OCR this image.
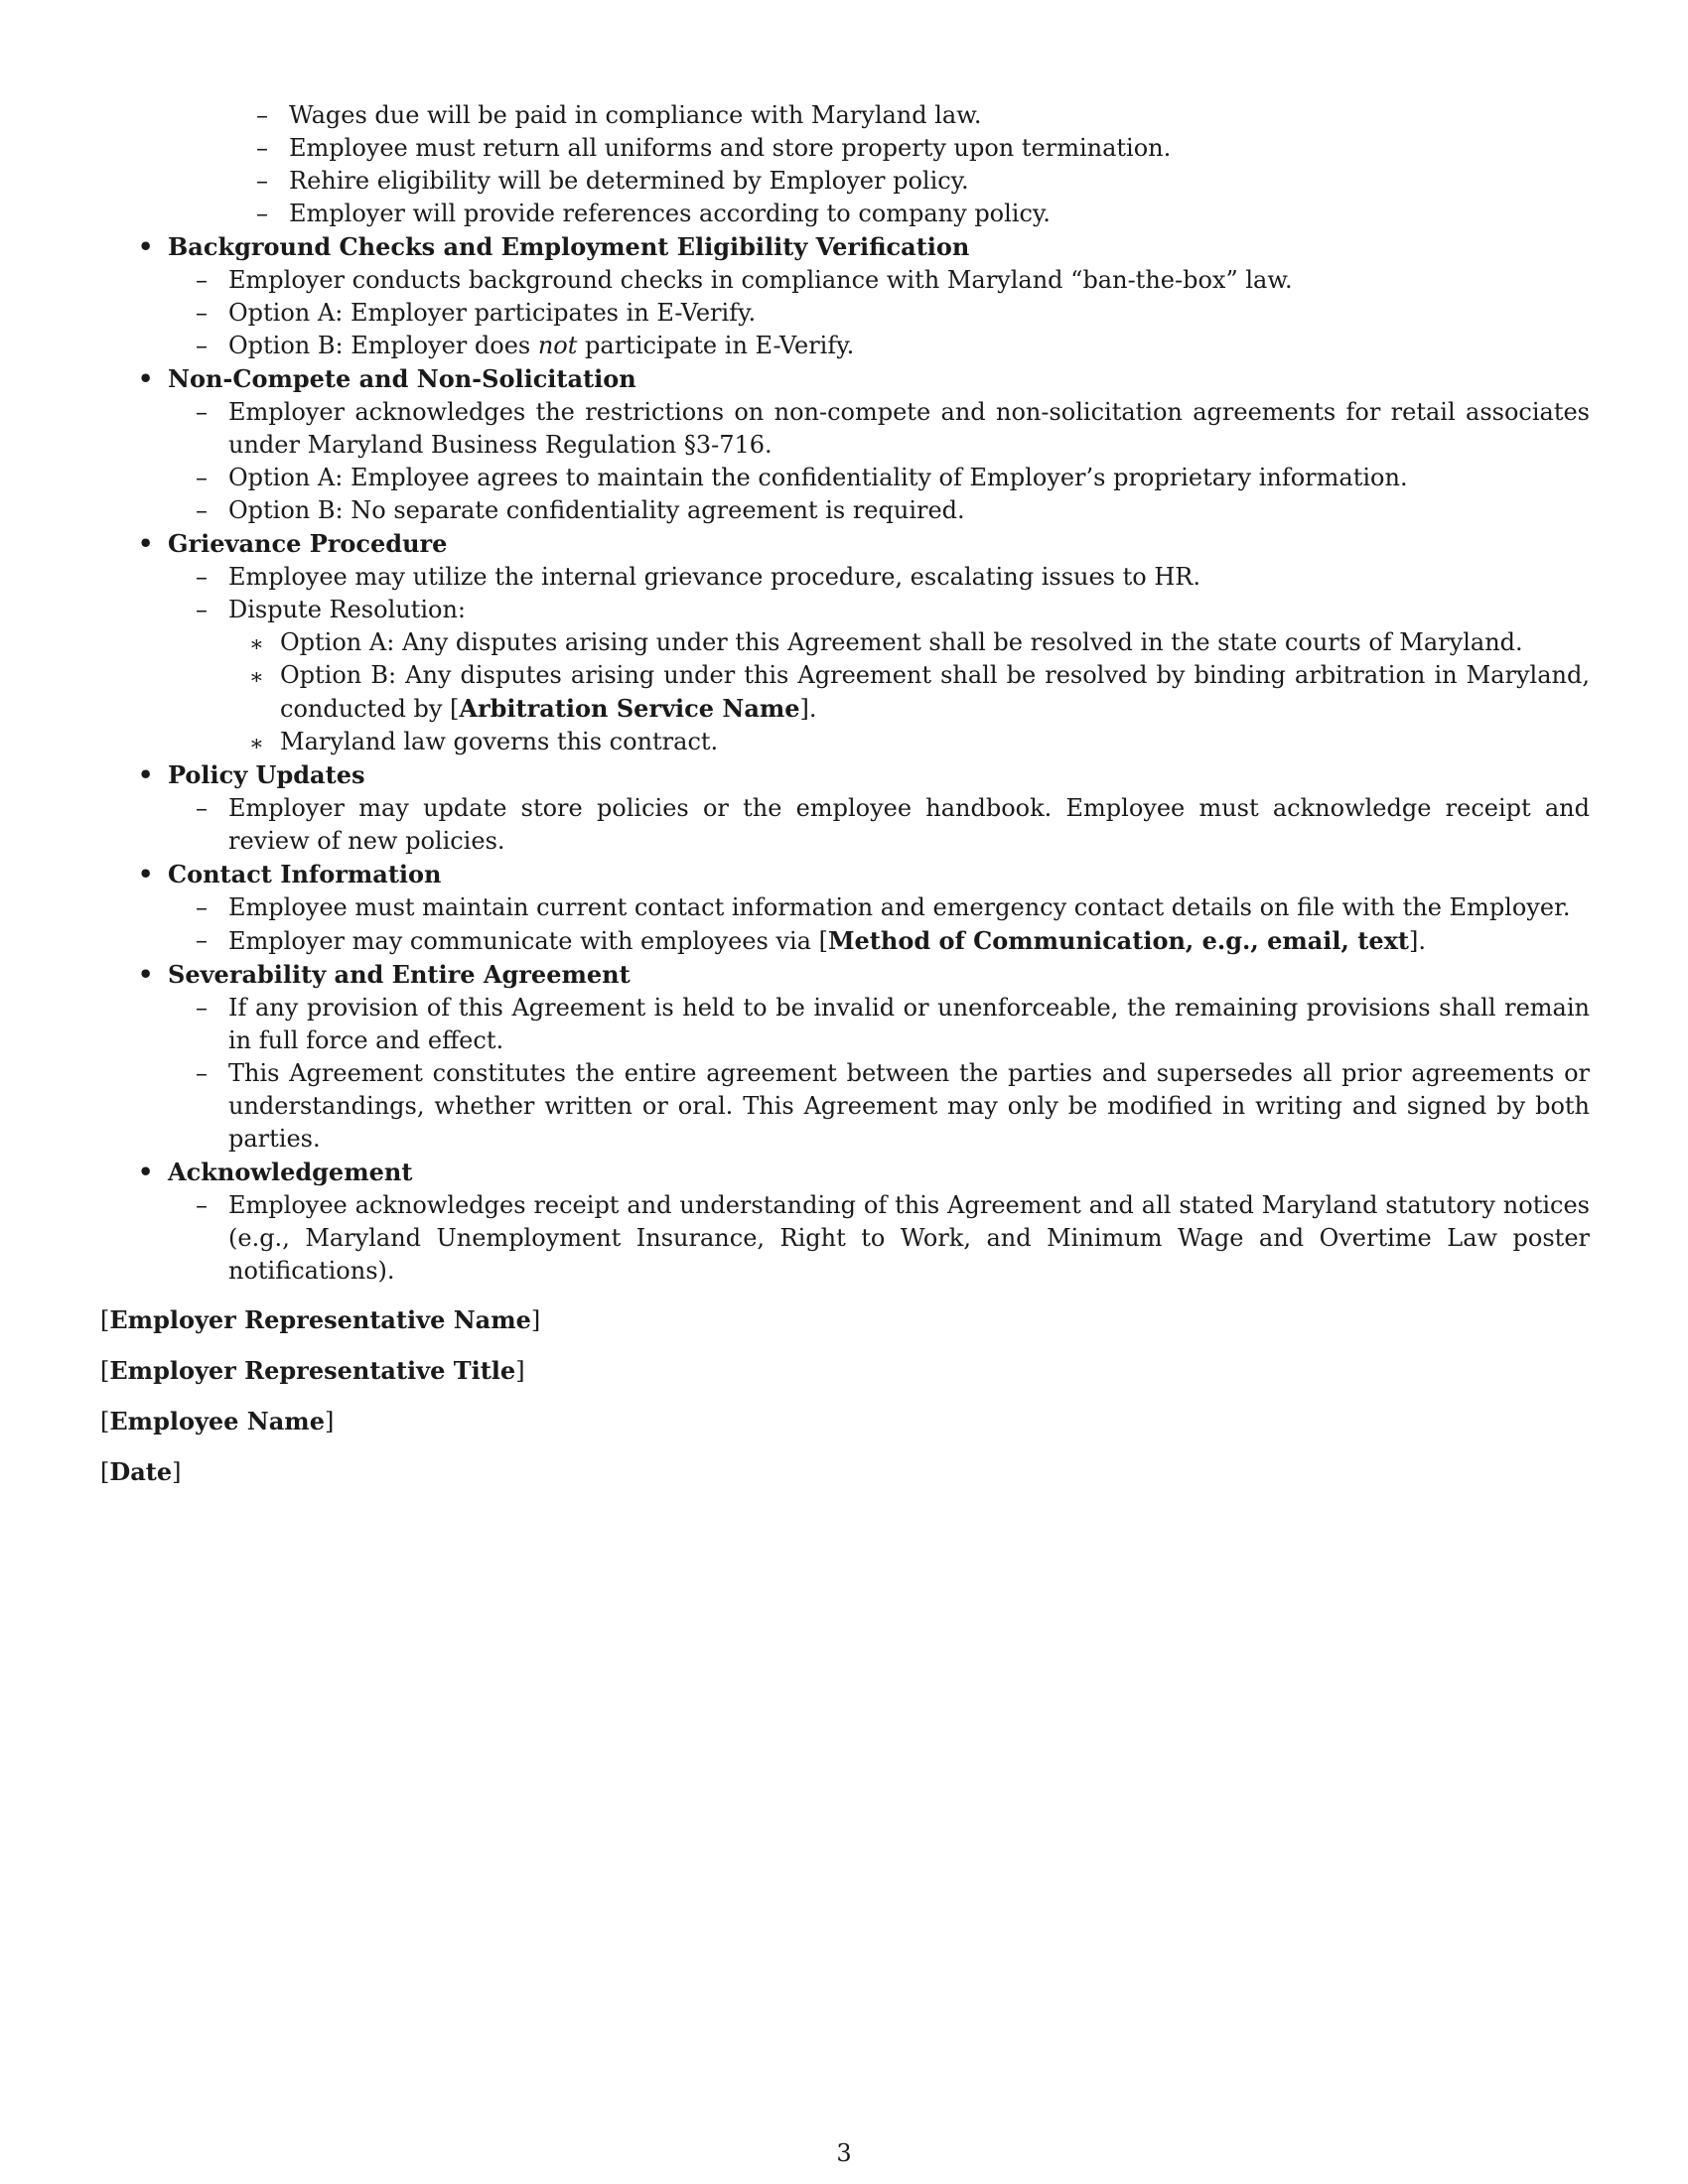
– Wages due will be paid in compliance with Maryland law.
– Employee must return all uniforms and store property upon termination.
– Rehire eligibility will be determined by Employer policy.
– Employer will provide references according to company policy.
• Background Checks and Employment Eligibility Verification
– Employer conducts background checks in compliance with Maryland “ban-the-box” law.
– Option A: Employer participates in E-Verify.
– Option B: Employer does not participate in E-Verify.
• Non-Compete and Non-Solicitation
– Employer acknowledges the restrictions on non-compete and non-solicitation agreements for retail associates under Maryland Business Regulation §3-716.
– Option A: Employee agrees to maintain the confidentiality of Employer’s proprietary information.
– Option B: No separate confidentiality agreement is required.
• Grievance Procedure
– Employee may utilize the internal grievance procedure, escalating issues to HR.
– Dispute Resolution:
∗ Option A: Any disputes arising under this Agreement shall be resolved in the state courts of Maryland.
∗ Option B: Any disputes arising under this Agreement shall be resolved by binding arbitration in Maryland, conducted by [Arbitration Service Name].
∗ Maryland law governs this contract.
• Policy Updates
– Employer may update store policies or the employee handbook. Employee must acknowledge receipt and review of new policies.
• Contact Information
– Employee must maintain current contact information and emergency contact details on file with the Employer.
– Employer may communicate with employees via [Method of Communication, e.g., email, text].
• Severability and Entire Agreement
– If any provision of this Agreement is held to be invalid or unenforceable, the remaining provisions shall remain in full force and effect.
– This Agreement constitutes the entire agreement between the parties and supersedes all prior agreements or understandings, whether written or oral. This Agreement may only be modified in writing and signed by both parties.
• Acknowledgement
– Employee acknowledges receipt and understanding of this Agreement and all stated Maryland statutory notices (e.g., Maryland Unemployment Insurance, Right to Work, and Minimum Wage and Overtime Law poster notifications).

[Employer Representative Name]

[Employer Representative Title]

[Employee Name]

[Date]

3
